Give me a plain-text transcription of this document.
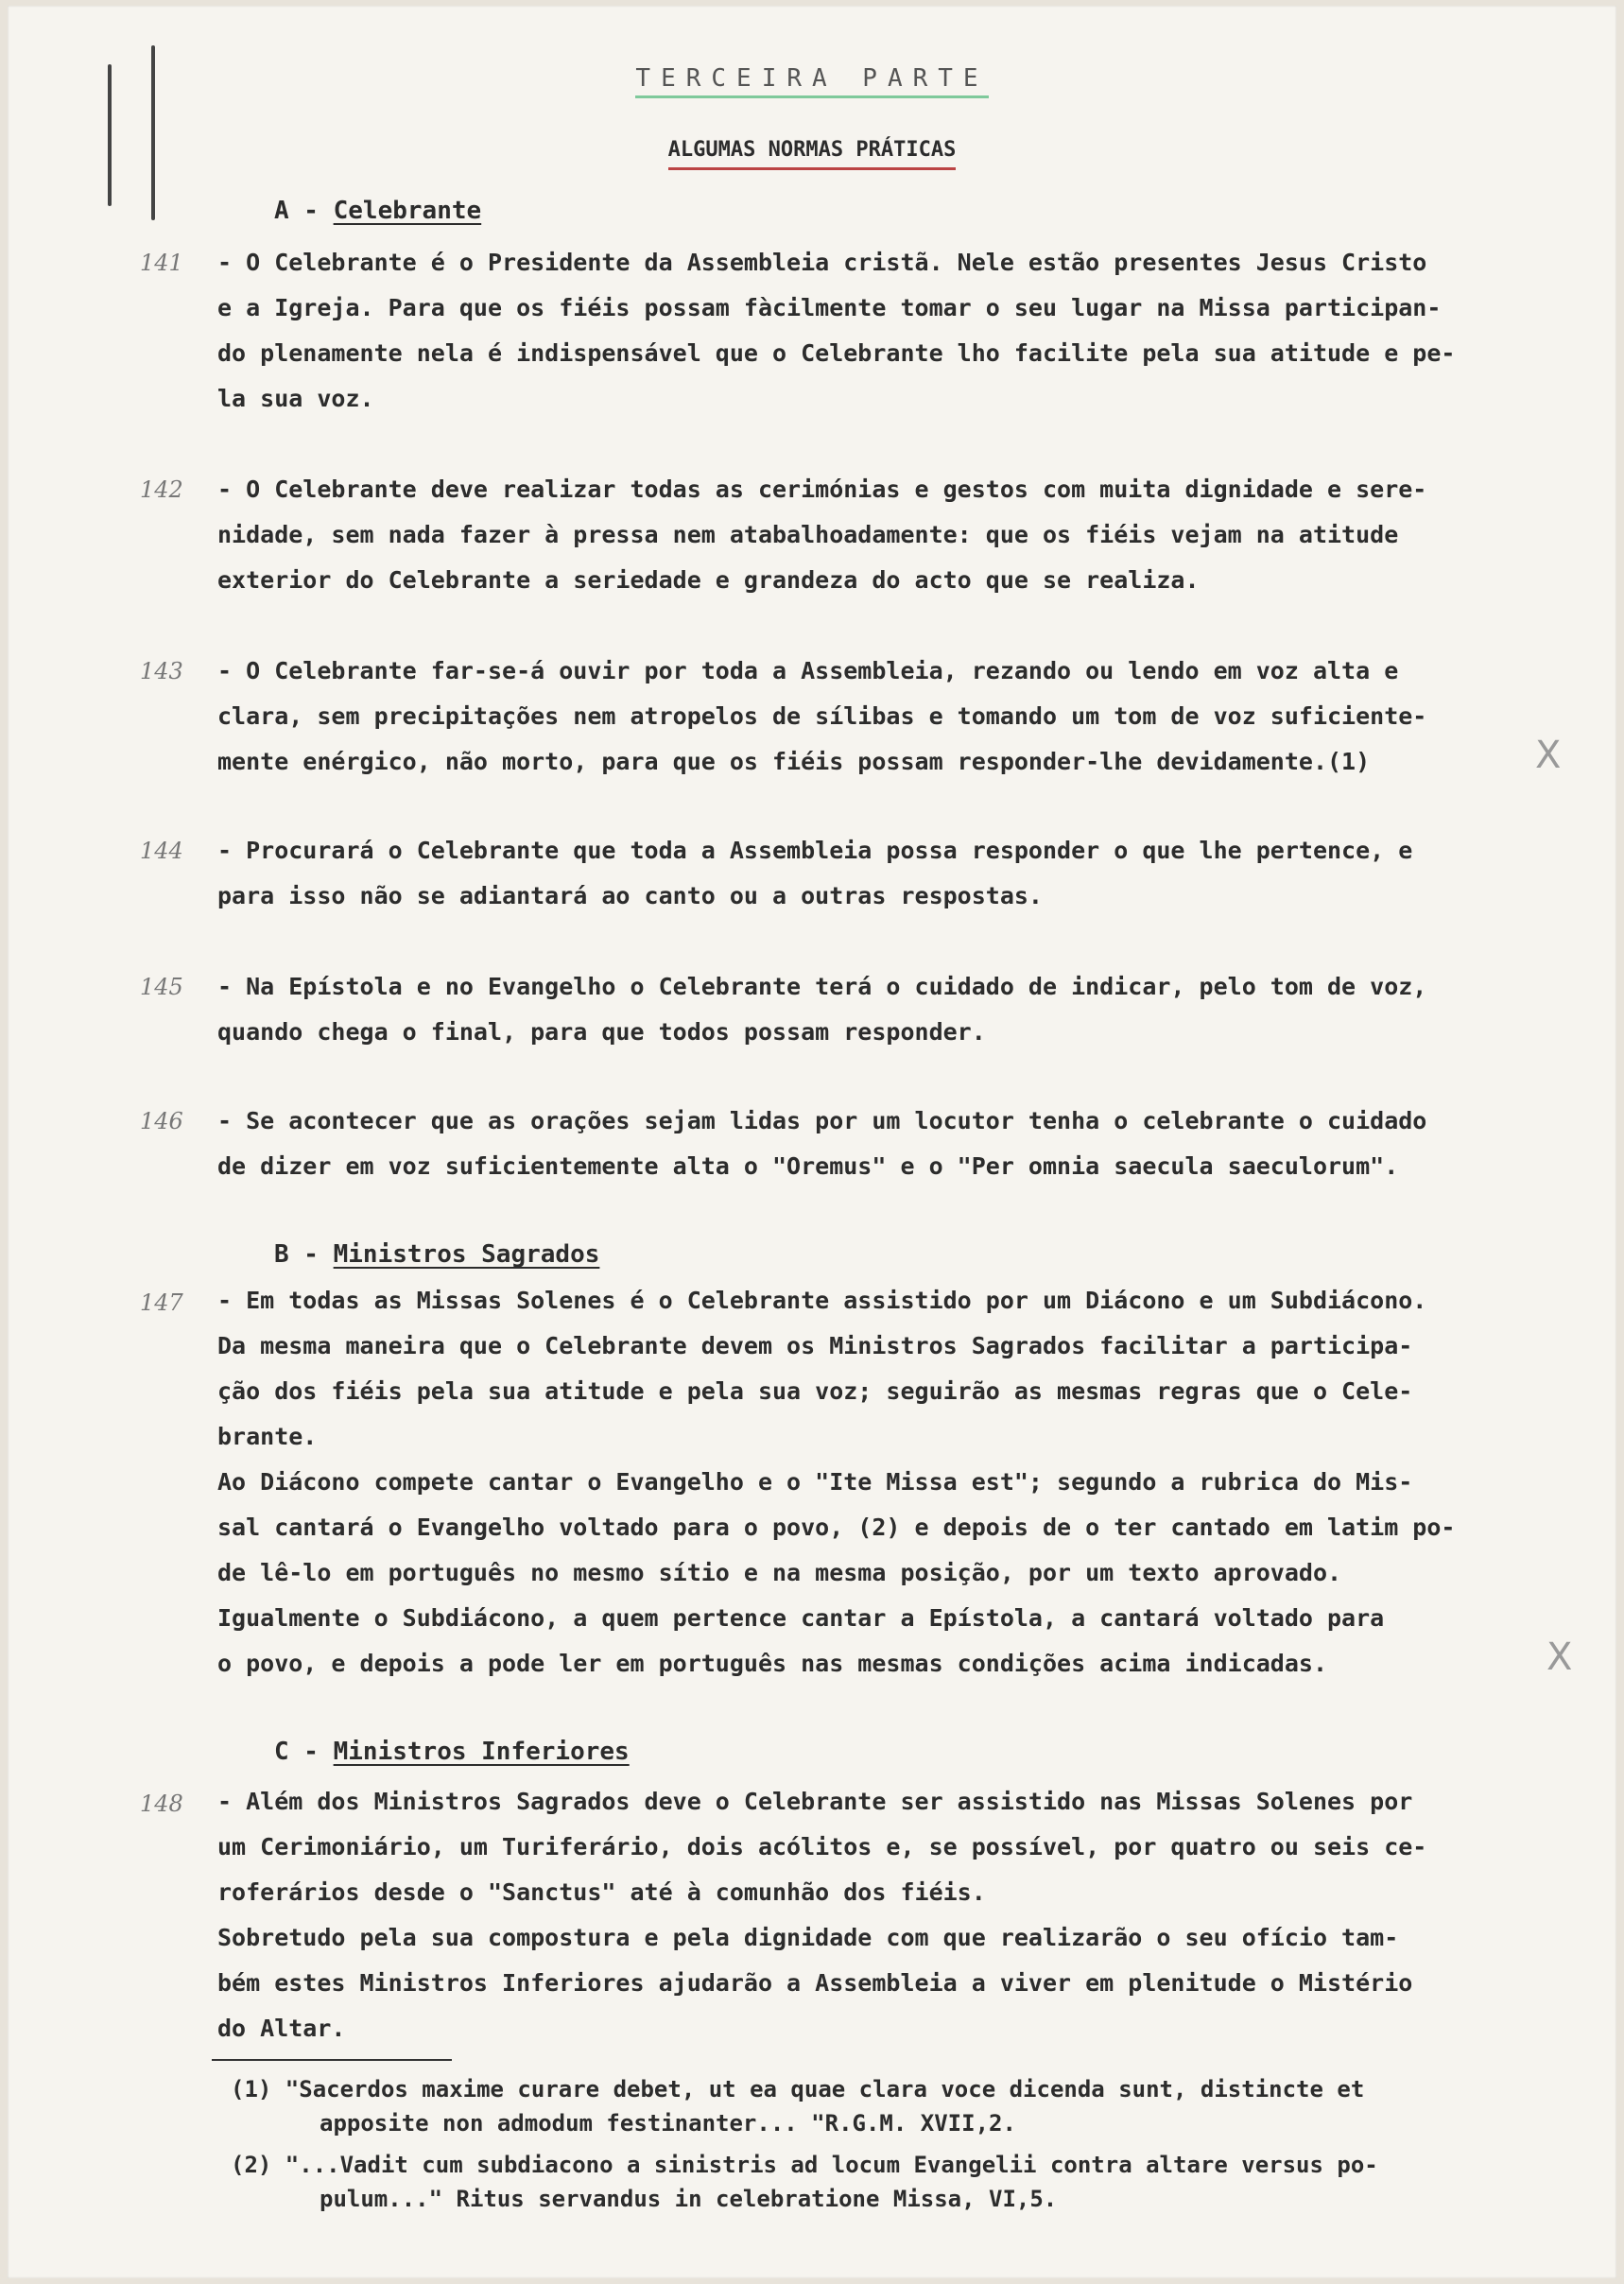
TERCEIRA PARTE
ALGUMAS NORMAS PRÁTICAS
A - Celebrante
141 - O Celebrante é o Presidente da Assembleia cristã. Nele estão presentes Jesus Cristo
e a Igreja. Para que os fiéis possam fàcilmente tomar o seu lugar na Missa participan-
do plenamente nela é indispensável que o Celebrante lho facilite pela sua atitude e pe-
la sua voz.
142 - O Celebrante deve realizar todas as cerimónias e gestos com muita dignidade e sere-
nidade, sem nada fazer à pressa nem atabalhoadamente: que os fiéis vejam na atitude
exterior do Celebrante a seriedade e grandeza do acto que se realiza.
143 - O Celebrante far-se-á ouvir por toda a Assembleia, rezando ou lendo em voz alta e
clara, sem precipitações nem atropelos de sílibas e tomando um tom de voz suficiente-
mente enérgico, não morto, para que os fiéis possam responder-lhe devidamente.(1)	X
144 - Procurará o Celebrante que toda a Assembleia possa responder o que lhe pertence, e
para isso não se adiantará ao canto ou a outras respostas.
145 - Na Epístola e no Evangelho o Celebrante terá o cuidado de indicar, pelo tom de voz,
quando chega o final, para que todos possam responder.
146 - Se acontecer que as orações sejam lidas por um locutor tenha o celebrante o cuidado
de dizer em voz suficientemente alta o "Oremus" e o "Per omnia saecula saeculorum".
B - Ministros Sagrados
147 - Em todas as Missas Solenes é o Celebrante assistido por um Diácono e um Subdiácono.
Da mesma maneira que o Celebrante devem os Ministros Sagrados facilitar a participa-
ção dos fiéis pela sua atitude e pela sua voz; seguirão as mesmas regras que o Cele-
brante.
Ao Diácono compete cantar o Evangelho e o "Ite Missa est"; segundo a rubrica do Mis-
sal cantará o Evangelho voltado para o povo, (2) e depois de o ter cantado em latim po-
de lê-lo em português no mesmo sítio e na mesma posição, por um texto aprovado.
Igualmente o Subdiácono, a quem pertence cantar a Epístola, a cantará voltado para
o povo, e depois a pode ler em português nas mesmas condições acima indicadas.	X
C - Ministros Inferiores
148 - Além dos Ministros Sagrados deve o Celebrante ser assistido nas Missas Solenes por
um Cerimoniário, um Turiferário, dois acólitos e, se possível, por quatro ou seis ce-
roferários desde o "Sanctus" até à comunhão dos fiéis.
Sobretudo pela sua compostura e pela dignidade com que realizarão o seu ofício tam-
bém estes Ministros Inferiores ajudarão a Assembleia a viver em plenitude o Mistério
do Altar.
(1) "Sacerdos maxime curare debet, ut ea quae clara voce dicenda sunt, distincte et
apposite non admodum festinanter... "R.G.M. XVII,2.
(2) "...Vadit cum subdiacono a sinistris ad locum Evangelii contra altare versus po-
pulum..." Ritus servandus in celebratione Missa, VI,5.
